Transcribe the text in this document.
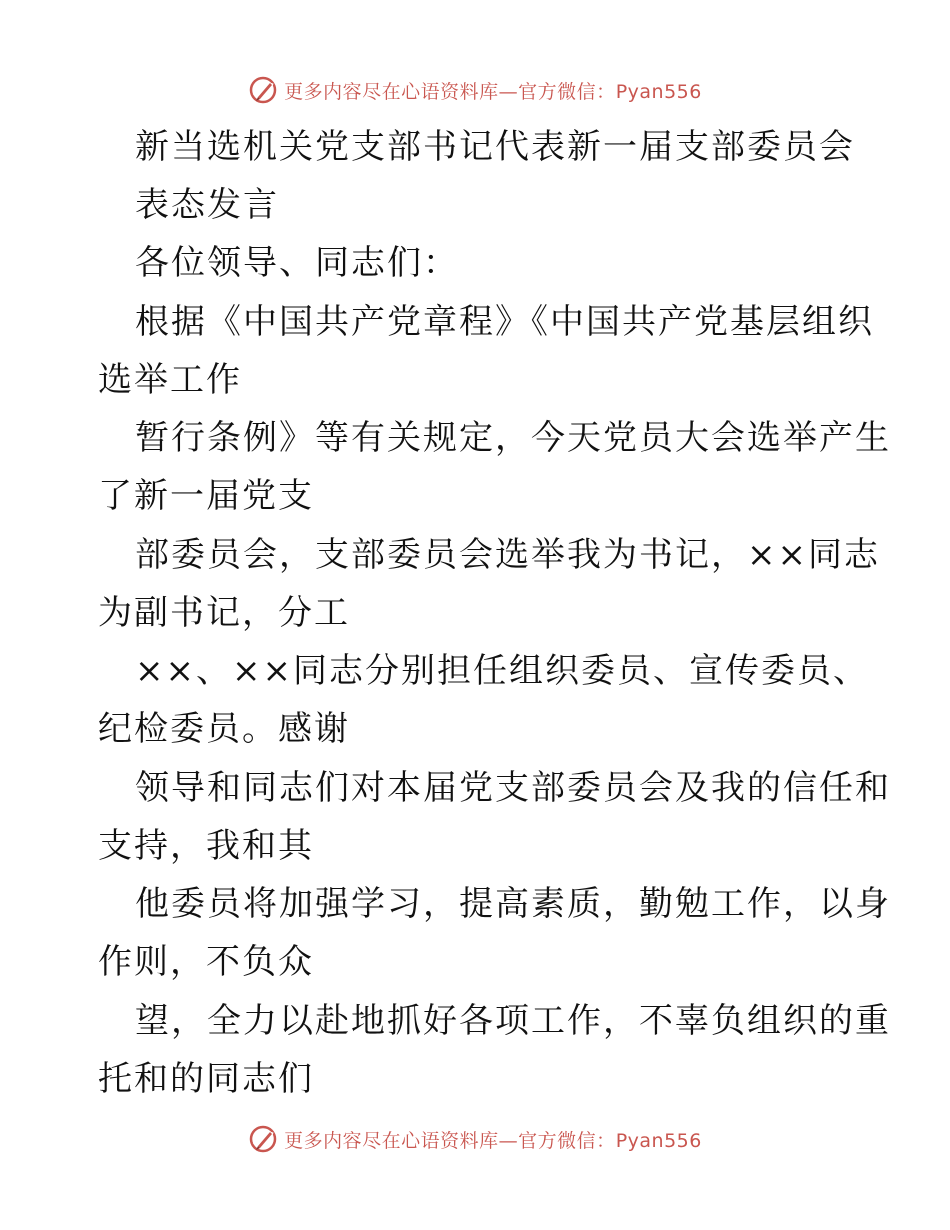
更多内容尽在心语资料库—官方微信：Pyan556
新当选机关党支部书记代表新一届支部委员会
表态发言
各位领导、同志们：
根据《中国共产党章程》《中国共产党基层组织
选举工作
暂行条例》等有关规定，今天党员大会选举产生
了新一届党支
部委员会，支部委员会选举我为书记，××同志
为副书记，分工
××、××同志分别担任组织委员、宣传委员、
纪检委员。感谢
领导和同志们对本届党支部委员会及我的信任和
支持，我和其
他委员将加强学习，提高素质，勤勉工作，以身
作则，不负众
望，全力以赴地抓好各项工作，不辜负组织的重
托和的同志们
更多内容尽在心语资料库—官方微信：Pyan556
